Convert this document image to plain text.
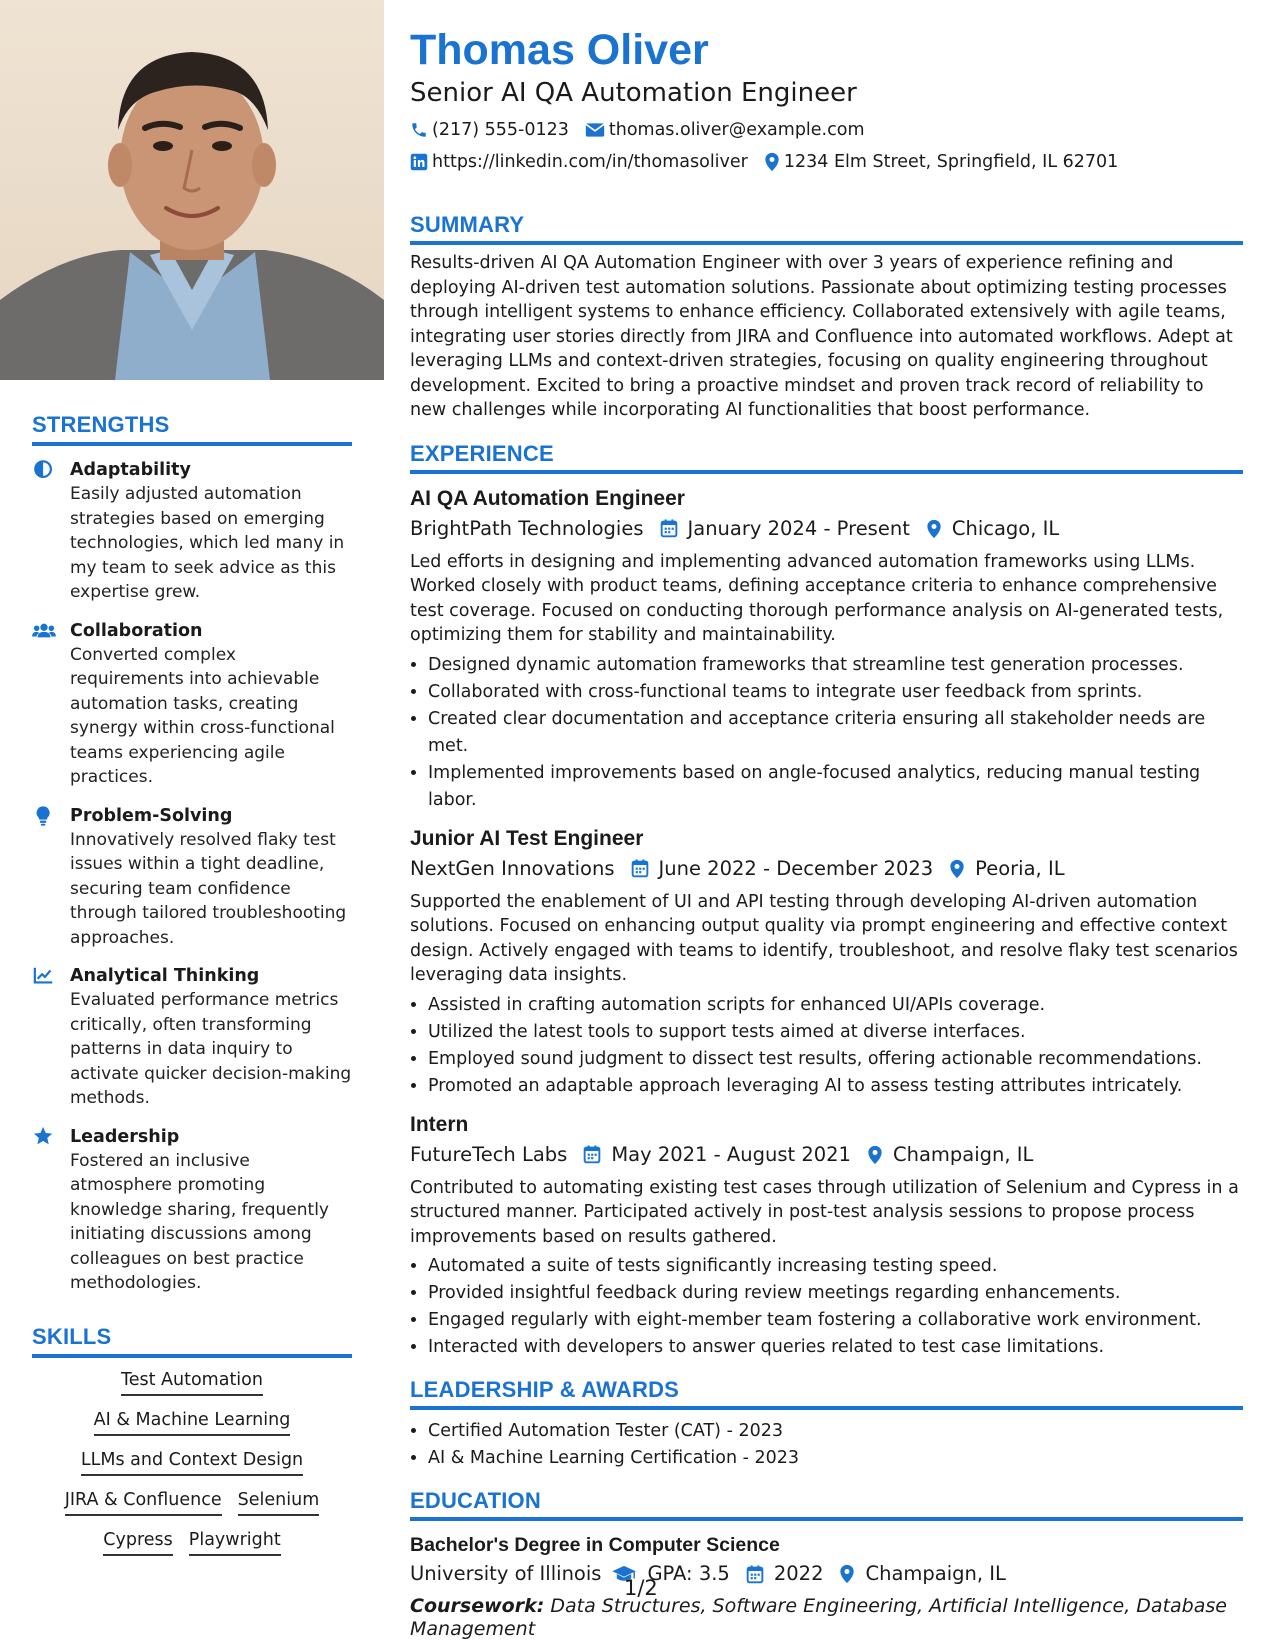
STRENGTHS
Adaptability
Easily adjusted automation strategies based on emerging technologies, which led many in my team to seek advice as this expertise grew.
Collaboration
Converted complex requirements into achievable automation tasks, creating synergy within cross-functional teams experiencing agile practices.
Problem-Solving
Innovatively resolved flaky test issues within a tight deadline, securing team confidence through tailored troubleshooting approaches.
Analytical Thinking
Evaluated performance metrics critically, often transforming patterns in data inquiry to activate quicker decision-making methods.
Leadership
Fostered an inclusive atmosphere promoting knowledge sharing, frequently initiating discussions among colleagues on best practice methodologies.
SKILLS
Test Automation
AI & Machine Learning
LLMs and Context Design
JIRA & Confluence Selenium
Cypress Playwright
Thomas Oliver
Senior AI QA Automation Engineer
(217) 555-0123 thomas.oliver@example.com
https://linkedin.com/in/thomasoliver 1234 Elm Street, Springfield, IL 62701
SUMMARY
Results-driven AI QA Automation Engineer with over 3 years of experience refining and deploying AI-driven test automation solutions. Passionate about optimizing testing processes through intelligent systems to enhance efficiency. Collaborated extensively with agile teams, integrating user stories directly from JIRA and Confluence into automated workflows. Adept at leveraging LLMs and context-driven strategies, focusing on quality engineering throughout development. Excited to bring a proactive mindset and proven track record of reliability to new challenges while incorporating AI functionalities that boost performance.
EXPERIENCE
AI QA Automation Engineer
BrightPath Technologies January 2024 - Present Chicago, IL
Led efforts in designing and implementing advanced automation frameworks using LLMs. Worked closely with product teams, defining acceptance criteria to enhance comprehensive test coverage. Focused on conducting thorough performance analysis on AI-generated tests, optimizing them for stability and maintainability.
• Designed dynamic automation frameworks that streamline test generation processes.
• Collaborated with cross-functional teams to integrate user feedback from sprints.
• Created clear documentation and acceptance criteria ensuring all stakeholder needs are met.
• Implemented improvements based on angle-focused analytics, reducing manual testing labor.
Junior AI Test Engineer
NextGen Innovations June 2022 - December 2023 Peoria, IL
Supported the enablement of UI and API testing through developing AI-driven automation solutions. Focused on enhancing output quality via prompt engineering and effective context design. Actively engaged with teams to identify, troubleshoot, and resolve flaky test scenarios leveraging data insights.
• Assisted in crafting automation scripts for enhanced UI/APIs coverage.
• Utilized the latest tools to support tests aimed at diverse interfaces.
• Employed sound judgment to dissect test results, offering actionable recommendations.
• Promoted an adaptable approach leveraging AI to assess testing attributes intricately.
Intern
FutureTech Labs May 2021 - August 2021 Champaign, IL
Contributed to automating existing test cases through utilization of Selenium and Cypress in a structured manner. Participated actively in post-test analysis sessions to propose process improvements based on results gathered.
• Automated a suite of tests significantly increasing testing speed.
• Provided insightful feedback during review meetings regarding enhancements.
• Engaged regularly with eight-member team fostering a collaborative work environment.
• Interacted with developers to answer queries related to test case limitations.
LEADERSHIP & AWARDS
• Certified Automation Tester (CAT) - 2023
• AI & Machine Learning Certification - 2023
EDUCATION
Bachelor's Degree in Computer Science
University of Illinois GPA: 3.5 2022 Champaign, IL
Coursework: Data Structures, Software Engineering, Artificial Intelligence, Database Management
1/2
